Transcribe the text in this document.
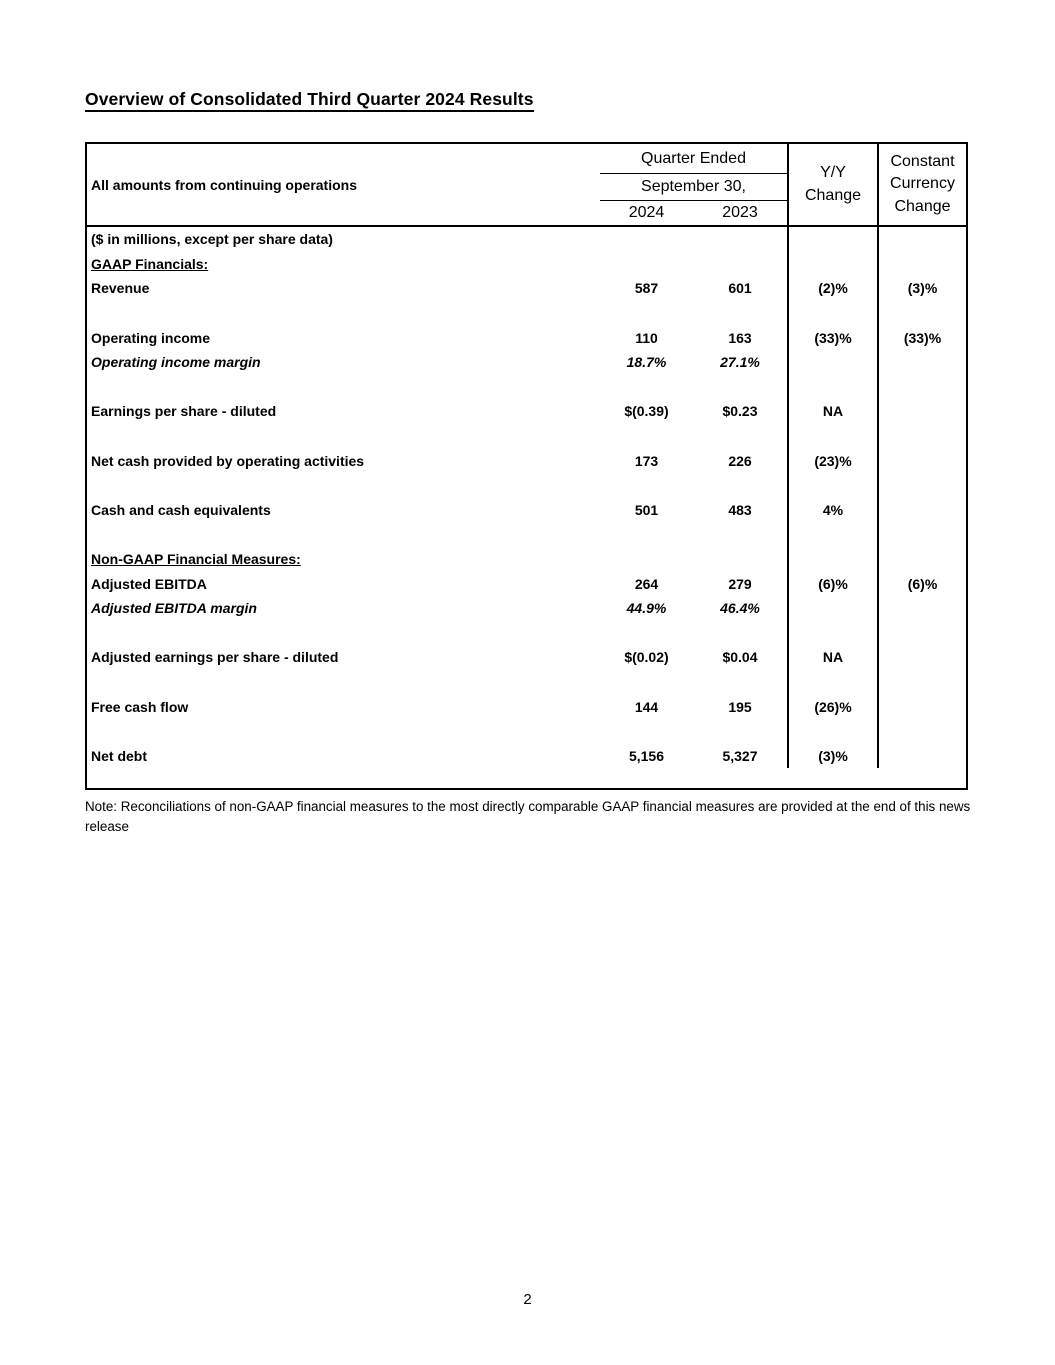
Overview of Consolidated Third Quarter 2024 Results
All amounts from continuing operations
Quarter Ended
September 30,
2024	2023
Y/Y
Change
Constant
Currency
Change
($ in millions, except per share data)
GAAP Financials:
Revenue	587	601	(2)%	(3)%
Operating income	110	163	(33)%	(33)%
Operating income margin	18.7%	27.1%
Earnings per share - diluted	$(0.39)	$0.23	NA
Net cash provided by operating activities	173	226	(23)%
Cash and cash equivalents	501	483	4%
Non-GAAP Financial Measures:
Adjusted EBITDA	264	279	(6)%	(6)%
Adjusted EBITDA margin	44.9%	46.4%
Adjusted earnings per share - diluted	$(0.02)	$0.04	NA
Free cash flow	144	195	(26)%
Net debt	5,156	5,327	(3)%
Note: Reconciliations of non-GAAP financial measures to the most directly comparable GAAP financial measures are provided at the end of this news release
2
